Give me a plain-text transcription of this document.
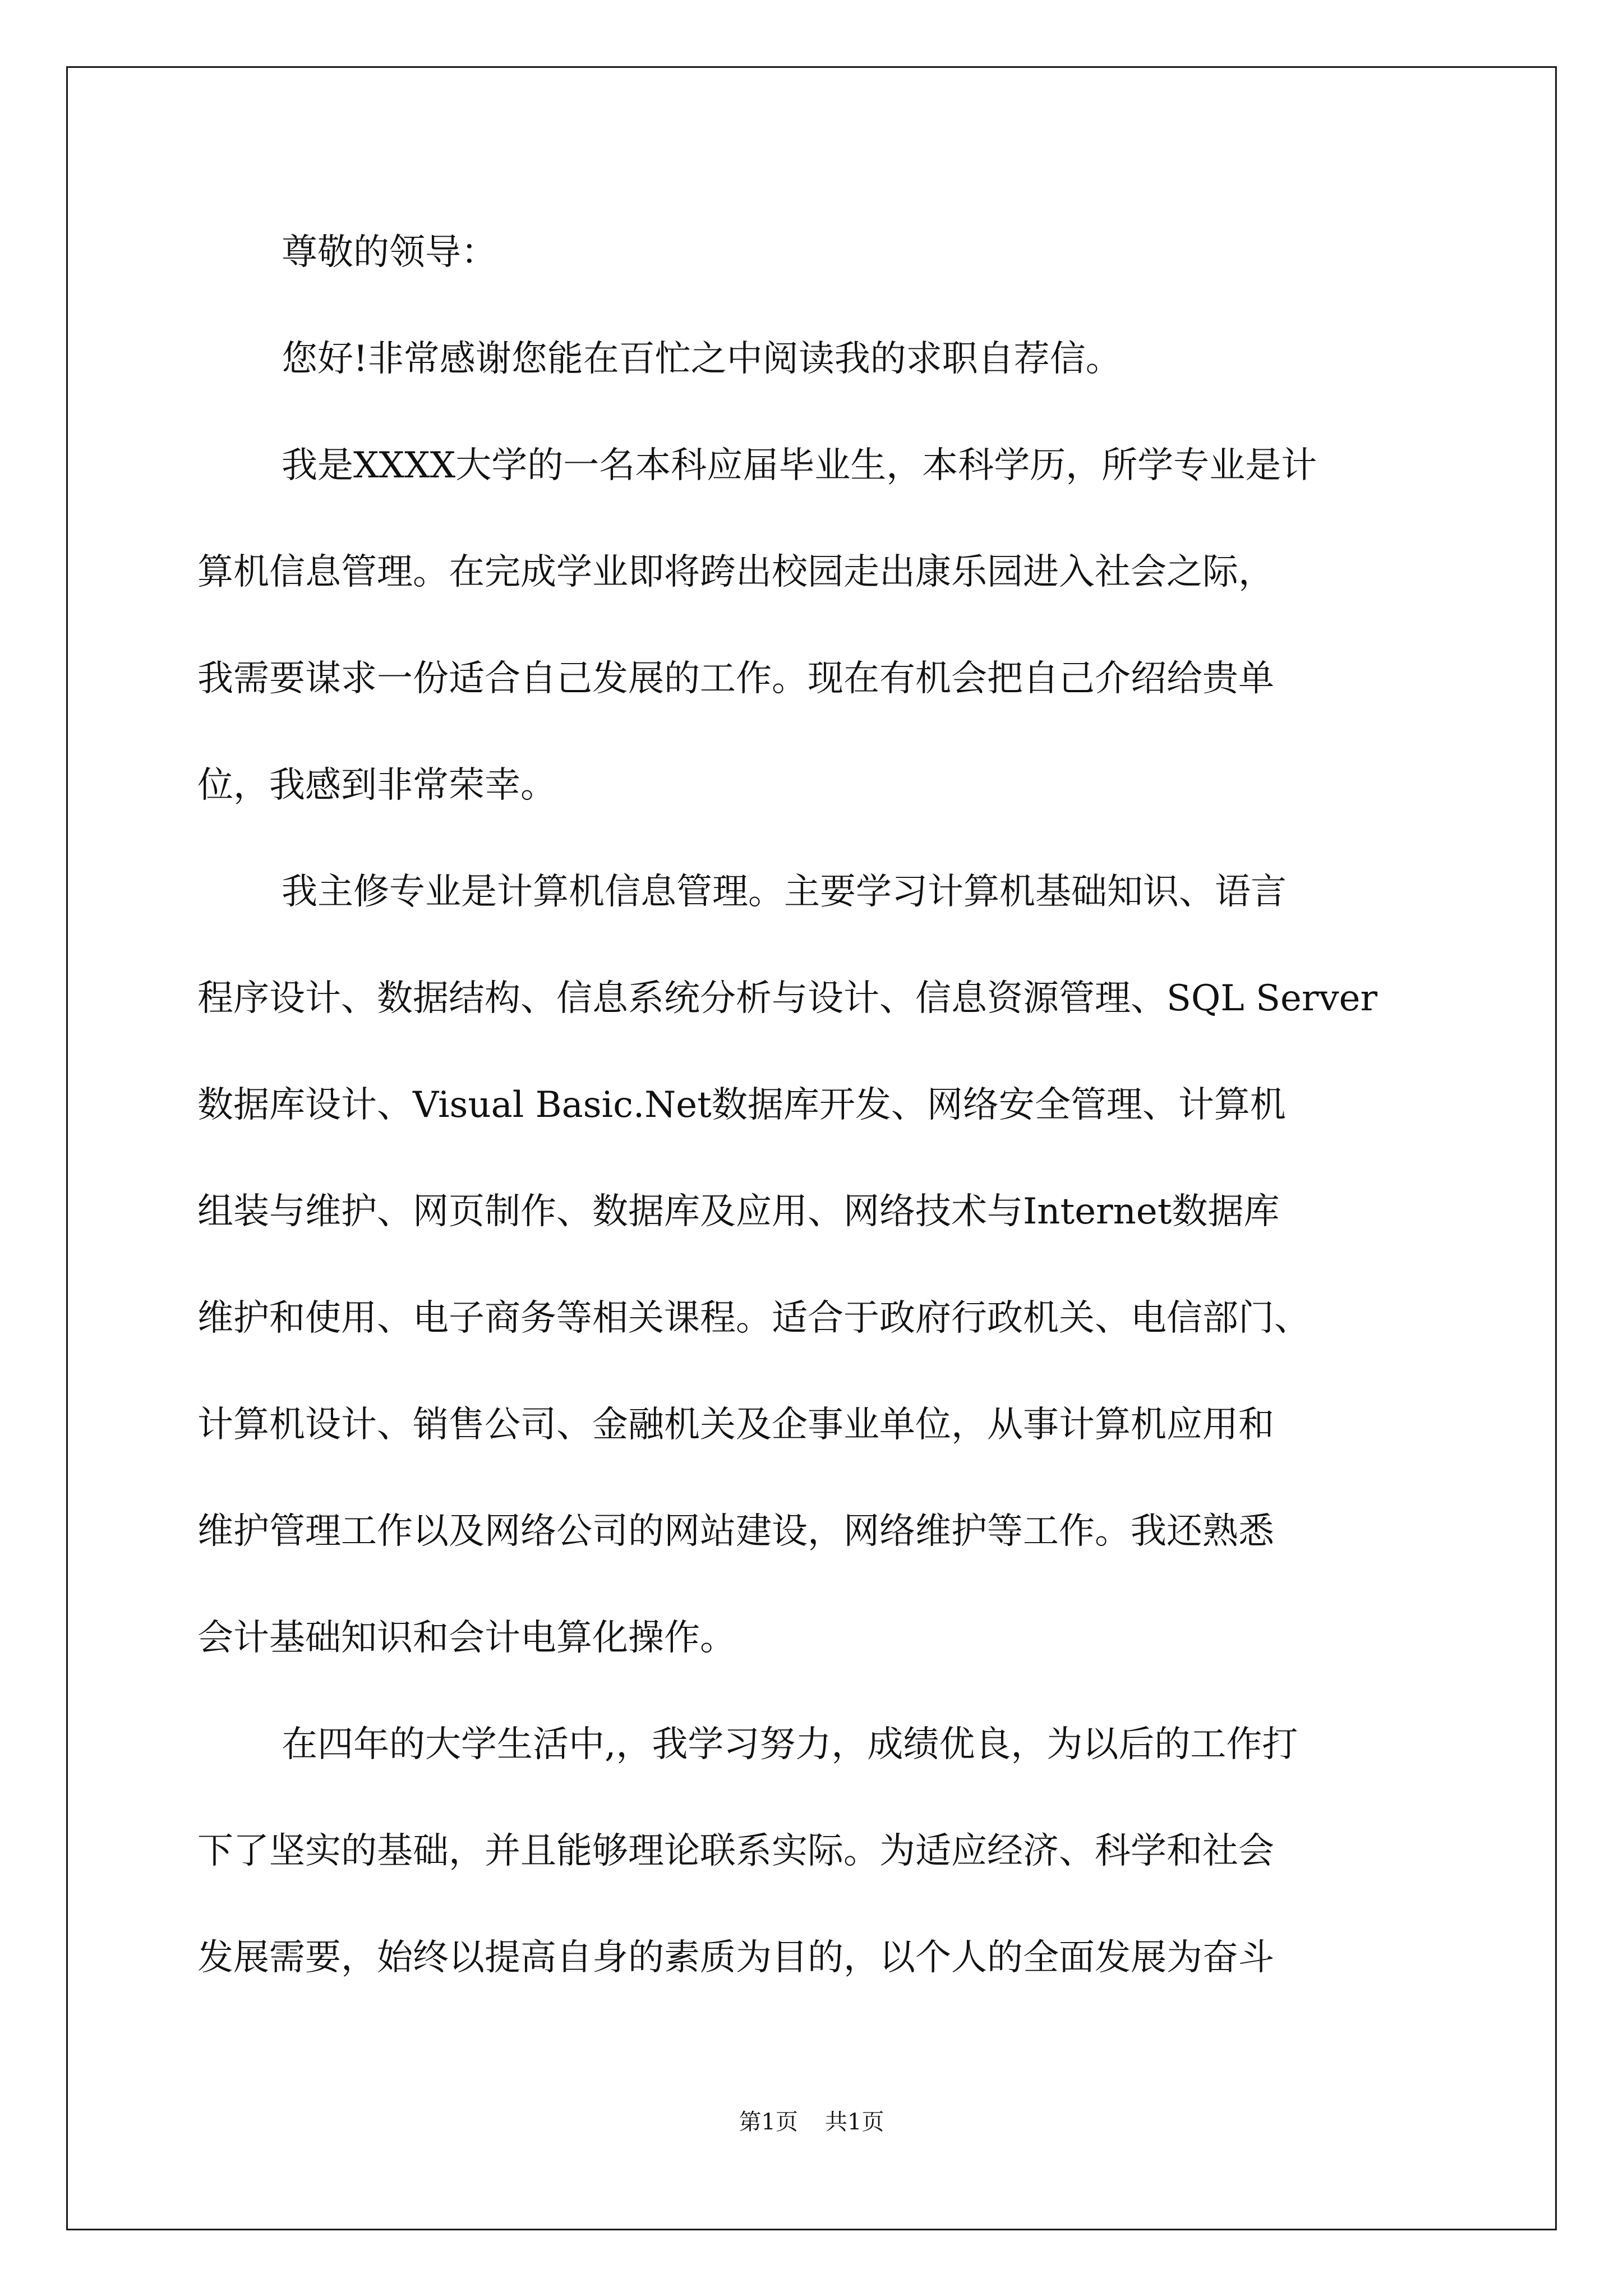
尊敬的领导：
您好!非常感谢您能在百忙之中阅读我的求职自荐信。
我是XXXX大学的一名本科应届毕业生，本科学历，所学专业是计
算机信息管理。在完成学业即将跨出校园走出康乐园进入社会之际，
我需要谋求一份适合自己发展的工作。现在有机会把自己介绍给贵单
位，我感到非常荣幸。
我主修专业是计算机信息管理。主要学习计算机基础知识、语言
程序设计、数据结构、信息系统分析与设计、信息资源管理、SQL Server
数据库设计、Visual Basic.Net数据库开发、网络安全管理、计算机
组装与维护、网页制作、数据库及应用、网络技术与Internet数据库
维护和使用、电子商务等相关课程。适合于政府行政机关、电信部门、
计算机设计、销售公司、金融机关及企事业单位，从事计算机应用和
维护管理工作以及网络公司的网站建设，网络维护等工作。我还熟悉
会计基础知识和会计电算化操作。
在四年的大学生活中,，我学习努力，成绩优良，为以后的工作打
下了坚实的基础，并且能够理论联系实际。为适应经济、科学和社会
发展需要，始终以提高自身的素质为目的，以个人的全面发展为奋斗
第1页 共1页
